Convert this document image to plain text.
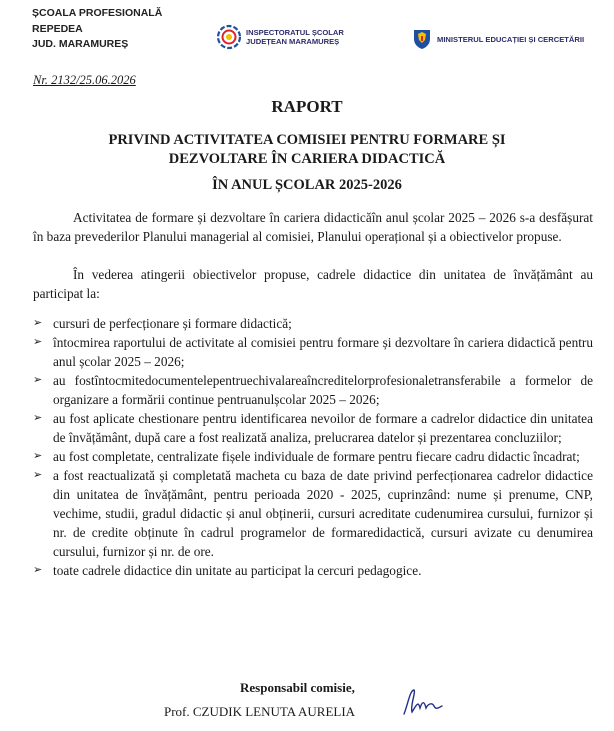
ȘCOALA PROFESIONALĂ
REPEDEA
JUD. MARAMUREȘ
INSPECTORATUL ȘCOLAR
JUDEȚEAN MARAMUREȘ	MINISTERUL EDUCAȚIEI ȘI CERCETĂRII
Nr. 2132/25.06.2026
RAPORT
PRIVIND ACTIVITATEA COMISIEI PENTRU FORMARE ȘI
DEZVOLTARE ÎN CARIERA DIDACTICĂ
ÎN ANUL ȘCOLAR 2025-2026
Activitatea de formare și dezvoltare în cariera didacticăîn anul școlar 2025 – 2026 s-a desfășurat în baza prevederilor Planului managerial al comisiei, Planului operațional și a obiectivelor propuse.
În vederea atingerii obiectivelor propuse, cadrele didactice din unitatea de învățământ au participat la:
➢ cursuri de perfecționare și formare didactică;
➢ întocmirea raportului de activitate al comisiei pentru formare și dezvoltare în cariera didactică pentru anul școlar 2025 – 2026;
➢ au fostîntocmitedocumentelepentruechivalareaîncreditelorprofesionaletransferabile a formelor de organizare a formării continue pentruanulșcolar 2025 – 2026;
➢ au fost aplicate chestionare pentru identificarea nevoilor de formare a cadrelor didactice din unitatea de învățământ, după care a fost realizată analiza, prelucrarea datelor și prezentarea concluziilor;
➢ au fost completate, centralizate fișele individuale de formare pentru fiecare cadru didactic încadrat;
➢ a fost reactualizată și completată macheta cu baza de date privind perfecționarea cadrelor didactice din unitatea de învățământ, pentru perioada 2020 - 2025, cuprinzând: nume și prenume, CNP, vechime, studii, gradul didactic și anul obținerii, cursuri acreditate cudenumirea cursului, furnizor și nr. de credite obținute în cadrul programelor de formaredidactică, cursuri avizate cu denumirea cursului, furnizor și nr. de ore.
➢ toate cadrele didactice din unitate au participat la cercuri pedagogice.
Responsabil comisie,
Prof. CZUDIK LENUTA AURELIA
